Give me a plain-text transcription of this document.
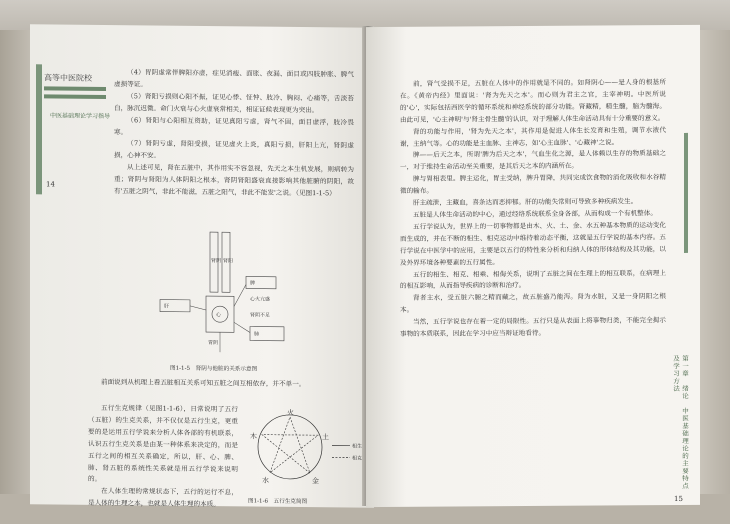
高等中医院校
中医基础理论学习指导
14

（4）胃阴虚常伴脾阳亦虚，症见消瘦、面胀、夜漏、面目或四肢肿胀、脾气虚损等证。

（5）肾阳亏损则心阳不振，证见心悸、怔忡、肢冷、胸闷、心痛等，舌淡苔白，脉沉迟微。命门火衰与心火虚衰常相关，相证证候表现更为突出。

（6）肾阳与心阳相互资助，证见真阳亏虚，肾气不固，面目虚浮，肢冷畏寒。

（7）肾阴亏虚，肾阳受损，证见虚火上炎，真阳亏损，肝阳上亢，肾阴虚损，心神不安。

从上述可见，肾在五脏中，其作用实不容忽视，先天之本生机发展，则病转为重；肾阴与肾阳为人体阴阳之根本，肾阴肾阳盛衰直接影响其他脏腑的阴阳，故有'五脏之阴气，非此不能滋，五脏之阳气，非此不能发'之说。（见图1-1-5）

肾阴 肾阳
心
肝
脾
肺
胃阴
心火亢盛
肾阴不足
图1-1-5　肾阴与他脏的关系示意图

前面说到从机理上看五脏相互关系可知五脏之间互相依存，并不单一。

五行生克规律（见图1-1-6），日常说明了五行（五脏）的生克关系，并不仅仅是五行生克，更重要的是运用五行学说来分析人体各部的有机联系，认识五行生克关系是由某一种体系来决定的，而是五行之间的相互关系确定，所以，肝、心、脾、肺、肾五脏的系统性关系就是用五行学说来说明的。

在人体生理的常规状态下，五行的运行不息，是人体的生理之本，也就是人体生理的本质。

火
土
金
水
木
相生
相克
图1-1-6　五行生克简图

前，肾气受损不足，五脏在人体中的作用就是不同的。如肾阴心——是人身的根基所在。《黄帝内经》里面说：'肾为先天之本'。而心则为君主之官，主宰神明。中医所说的'心'，实际包括西医学的循环系统和神经系统的部分功能。肾藏精，精生髓，脑为髓海。由此可见，'心主神明'与'肾主骨生髓'的认识，对于理解人体生命活动具有十分重要的意义。

肾的功能与作用，'肾为先天之本'，其作用是促进人体生长发育和生殖，调节水液代谢，主纳气等。心的功能是主血脉、主神志，如'心主血脉'、'心藏神'之说。

脾——后天之本，所谓'脾为后天之本'，气血生化之源，是人体赖以生存的物质基础之一，对于维持生命活动至关重要，是其后天之本的内涵所在。

脾与胃相表里。脾主运化，胃主受纳，脾升胃降，共同完成饮食物的消化吸收和水谷精微的输布。

肝主疏泄，主藏血，喜条达而恶抑郁。肝的功能失常则可导致多种疾病发生。

五脏是人体生命活动的中心，通过经络系统联系全身各部，从而构成一个有机整体。

五行学说认为，世界上的一切事物都是由木、火、土、金、水五种基本物质的运动变化而生成的，并在不断的相生、相克运动中维持着动态平衡，这就是五行学说的基本内容。五行学说在中医学中的应用，主要是以五行的特性来分析和归纳人体的形体结构及其功能，以及外界环境各种要素的五行属性。

五行的相生、相克、相乘、相侮关系，说明了五脏之间在生理上的相互联系，在病理上的相互影响，从而指导疾病的诊断和治疗。

肾者主水，受五脏六腑之精而藏之，故五脏盛乃能泻。肾为水脏，又是一身阴阳之根本。

当然，五行学说也存在着一定的局限性。五行只是从表面上将事物归类，不能完全揭示事物的本质联系，因此在学习中应当辩证地看待。

第一章　绪论　中医基础理论的主要特点及学习方法
15
